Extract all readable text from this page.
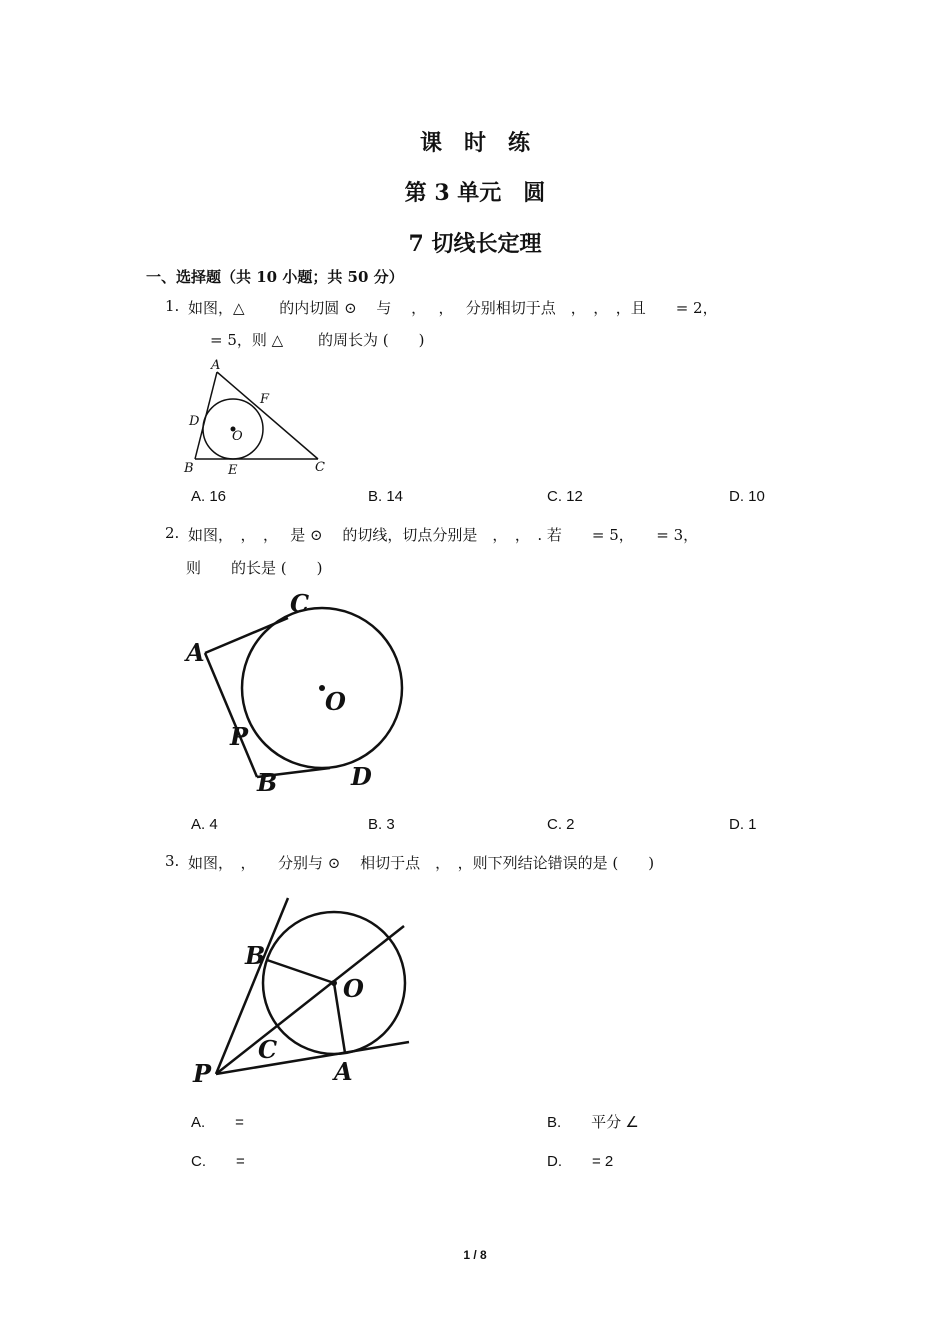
课　时　练
第 3 单元　圆
7 切线长定理
一、选择题（共 10 小题；共 50 分）
1. 如图，△　　 的内切圆 ⊙　 与　 ，　 ，　 分别相切于点　，　，　，且　　= 2，
= 5，则 △　　 的周长为 (　　)
A
F
D
O
B	E	C
A. 16	B. 14	C. 12	D. 10
2. 如图，　，　，　 是 ⊙　 的切线，切点分别是　，　，　. 若　　= 5，　　= 3，
则　　的长是 (　　)
C
A
O
P
B	D
A. 4	B. 3	C. 2	D. 1
3. 如图，　，　　分别与 ⊙　 相切于点　，　，则下列结论错误的是 (　　)
B
O
C
P	A
A.　　=	B.　　平分 ∠
C.　　=	D.　　= 2
1 / 8
